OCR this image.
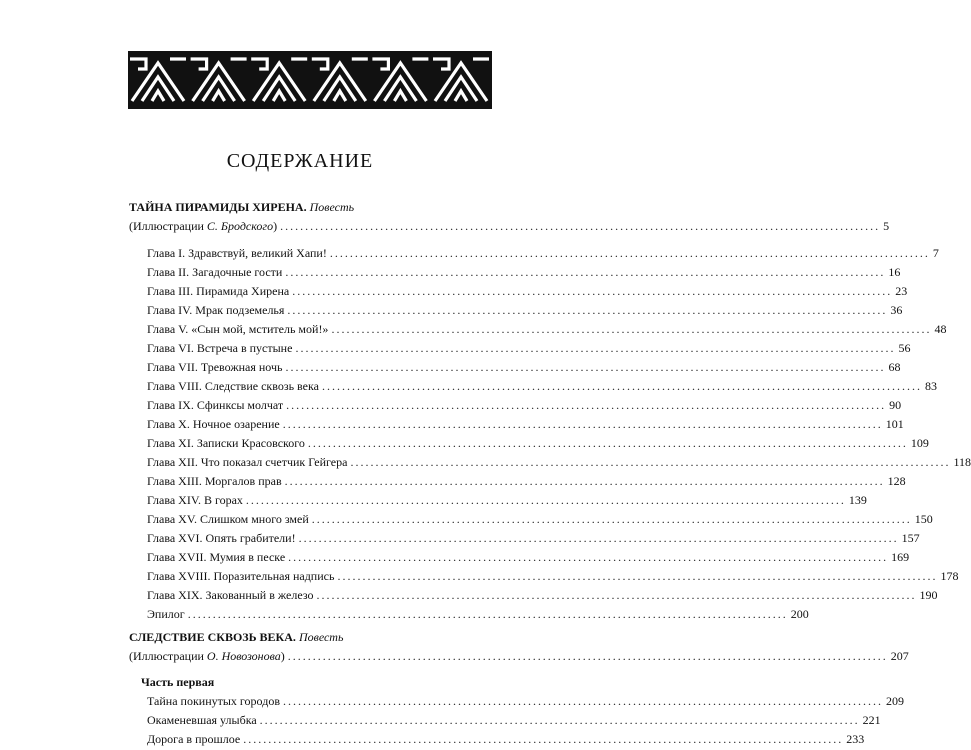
СОДЕРЖАНИЕ
ТАЙНА ПИРАМИДЫ ХИРЕНА. Повесть
(Иллюстрации С. Бродского) ........................................................................................................................ 5
Глава I. Здравствуй, великий Хапи! ........................................................................................................................ 7
Глава II. Загадочные гости ........................................................................................................................ 16
Глава III. Пирамида Хирена ........................................................................................................................ 23
Глава IV. Мрак подземелья ........................................................................................................................ 36
Глава V. «Сын мой, мститель мой!» ........................................................................................................................ 48
Глава VI. Встреча в пустыне ........................................................................................................................ 56
Глава VII. Тревожная ночь ........................................................................................................................ 68
Глава VIII. Следствие сквозь века ........................................................................................................................ 83
Глава IX. Сфинксы молчат ........................................................................................................................ 90
Глава X. Ночное озарение ........................................................................................................................ 101
Глава XI. Записки Красовского ........................................................................................................................ 109
Глава XII. Что показал счетчик Гейгера ........................................................................................................................ 118
Глава XIII. Моргалов прав ........................................................................................................................ 128
Глава XIV. В горах ........................................................................................................................ 139
Глава XV. Слишком много змей ........................................................................................................................ 150
Глава XVI. Опять грабители! ........................................................................................................................ 157
Глава XVII. Мумия в песке ........................................................................................................................ 169
Глава XVIII. Поразительная надпись ........................................................................................................................ 178
Глава XIX. Закованный в железо ........................................................................................................................ 190
Эпилог ........................................................................................................................ 200
СЛЕДСТВИЕ СКВОЗЬ ВЕКА. Повесть
(Иллюстрации О. Новозонова) ........................................................................................................................ 207
Часть первая
Тайна покинутых городов ........................................................................................................................ 209
Окаменевшая улыбка ........................................................................................................................ 221
Дорога в прошлое ........................................................................................................................ 233
